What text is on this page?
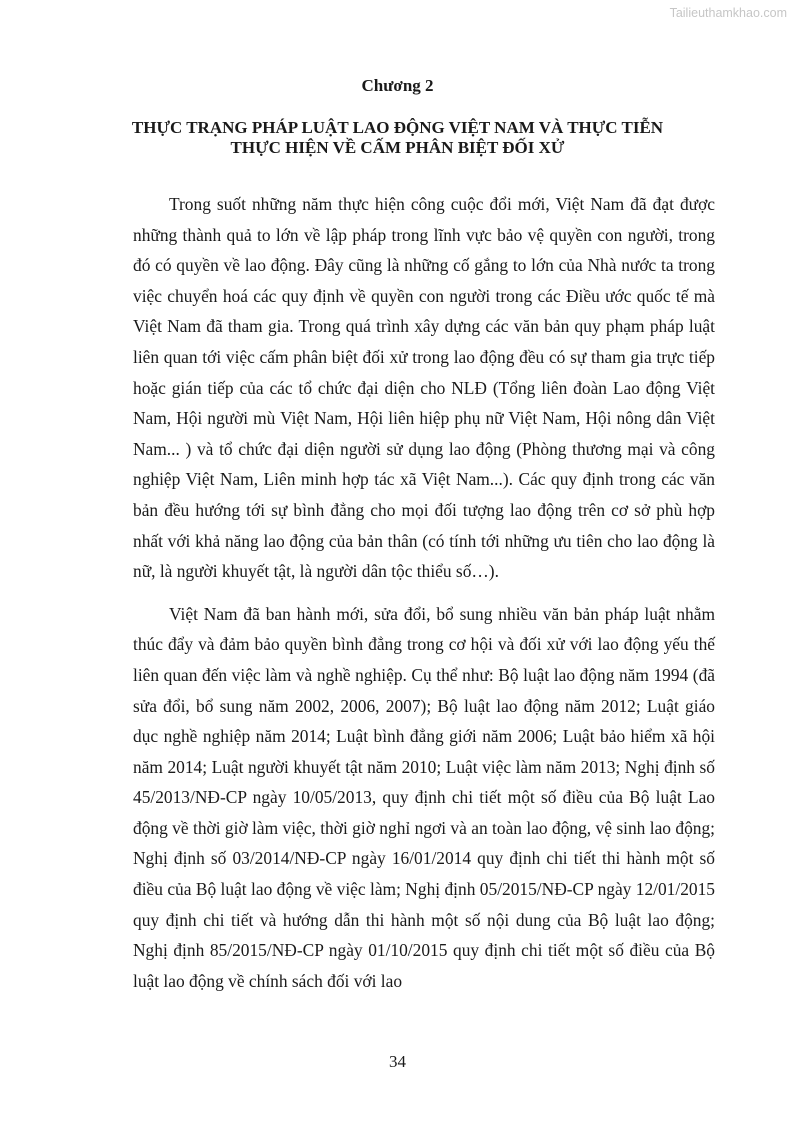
Tailieuthamkhao.com
Chương 2
THỰC TRẠNG PHÁP LUẬT LAO ĐỘNG VIỆT NAM VÀ THỰC TIỄN
THỰC HIỆN VỀ CẤM PHÂN BIỆT ĐỐI XỬ

Trong suốt những năm thực hiện công cuộc đổi mới, Việt Nam đã đạt được những thành quả to lớn về lập pháp trong lĩnh vực bảo vệ quyền con người, trong đó có quyền về lao động. Đây cũng là những cố gắng to lớn của Nhà nước ta trong việc chuyển hoá các quy định về quyền con người trong các Điều ước quốc tế mà Việt Nam đã tham gia. Trong quá trình xây dựng các văn bản quy phạm pháp luật liên quan tới việc cấm phân biệt đối xử trong lao động đều có sự tham gia trực tiếp hoặc gián tiếp của các tổ chức đại diện cho NLĐ (Tổng liên đoàn Lao động Việt Nam, Hội người mù Việt Nam, Hội liên hiệp phụ nữ Việt Nam, Hội nông dân Việt Nam... ) và tổ chức đại diện người sử dụng lao động (Phòng thương mại và công nghiệp Việt Nam, Liên minh hợp tác xã Việt Nam...). Các quy định trong các văn bản đều hướng tới sự bình đẳng cho mọi đối tượng lao động trên cơ sở phù hợp nhất với khả năng lao động của bản thân (có tính tới những ưu tiên cho lao động là nữ, là người khuyết tật, là người dân tộc thiểu số…).

Việt Nam đã ban hành mới, sửa đổi, bổ sung nhiều văn bản pháp luật nhằm thúc đẩy và đảm bảo quyền bình đẳng trong cơ hội và đối xử với lao động yếu thế liên quan đến việc làm và nghề nghiệp. Cụ thể như: Bộ luật lao động năm 1994 (đã sửa đổi, bổ sung năm 2002, 2006, 2007); Bộ luật lao động năm 2012; Luật giáo dục nghề nghiệp năm 2014; Luật bình đẳng giới năm 2006; Luật bảo hiểm xã hội năm 2014; Luật người khuyết tật năm 2010; Luật việc làm năm 2013; Nghị định số 45/2013/NĐ-CP ngày 10/05/2013, quy định chi tiết một số điều của Bộ luật Lao động về thời giờ làm việc, thời giờ nghỉ ngơi và an toàn lao động, vệ sinh lao động; Nghị định số 03/2014/NĐ-CP ngày 16/01/2014 quy định chi tiết thi hành một số điều của Bộ luật lao động về việc làm; Nghị định 05/2015/NĐ-CP ngày 12/01/2015 quy định chi tiết và hướng dẫn thi hành một số nội dung của Bộ luật lao động; Nghị định 85/2015/NĐ-CP ngày 01/10/2015 quy định chi tiết một số điều của Bộ luật lao động về chính sách đối với lao

34
